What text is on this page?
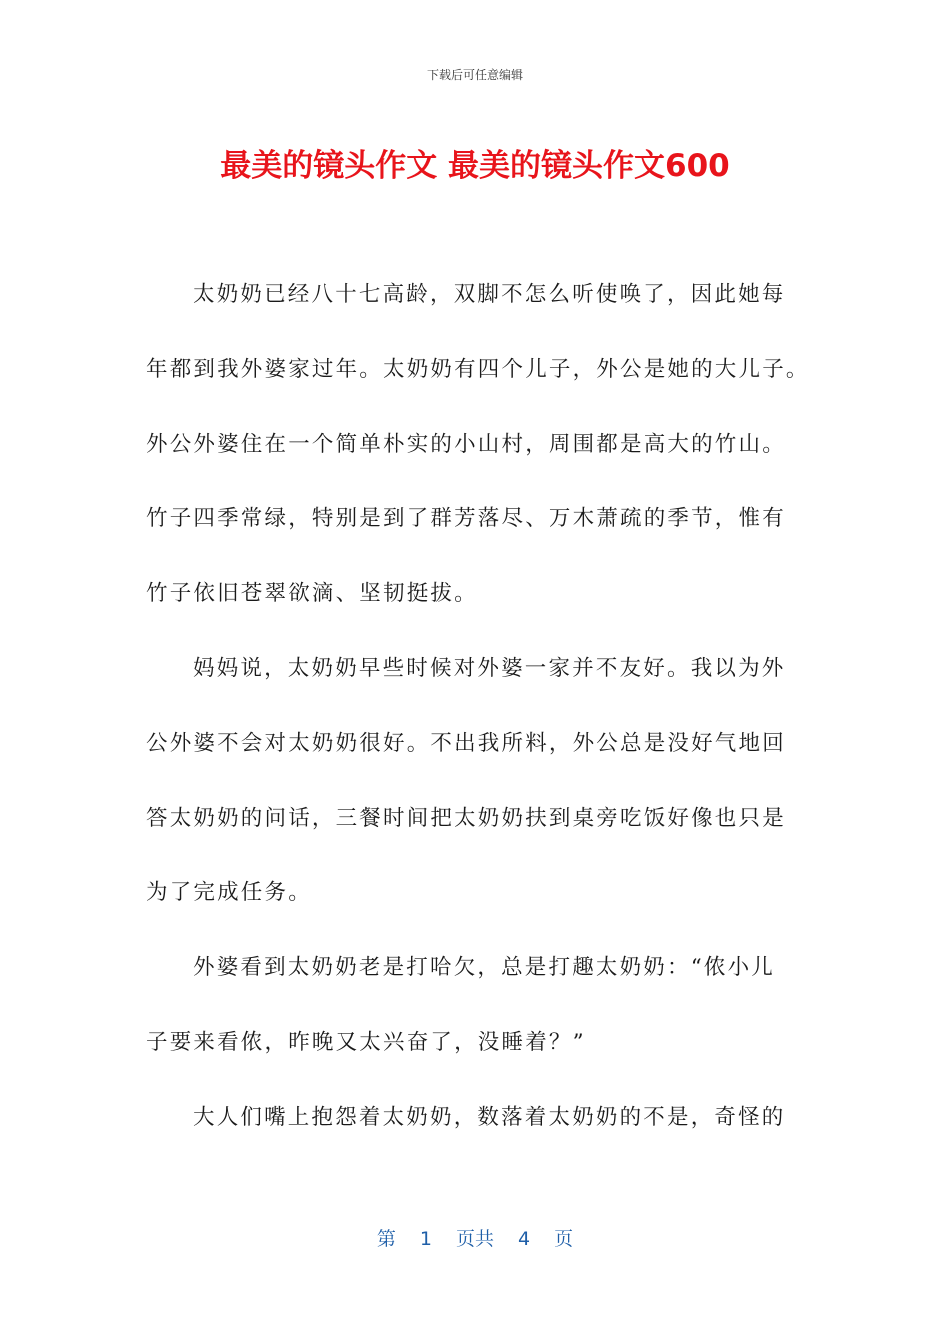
下载后可任意编辑
最美的镜头作文 最美的镜头作文600
太奶奶已经八十七高龄，双脚不怎么听使唤了，因此她每
年都到我外婆家过年。太奶奶有四个儿子，外公是她的大儿子。
外公外婆住在一个简单朴实的小山村，周围都是高大的竹山。
竹子四季常绿，特别是到了群芳落尽、万木萧疏的季节，惟有
竹子依旧苍翠欲滴、坚韧挺拔。
妈妈说，太奶奶早些时候对外婆一家并不友好。我以为外
公外婆不会对太奶奶很好。不出我所料，外公总是没好气地回
答太奶奶的问话，三餐时间把太奶奶扶到桌旁吃饭好像也只是
为了完成任务。
外婆看到太奶奶老是打哈欠，总是打趣太奶奶：“侬小儿
子要来看侬，昨晚又太兴奋了，没睡着？”
大人们嘴上抱怨着太奶奶，数落着太奶奶的不是，奇怪的
第 1 页共 4 页
